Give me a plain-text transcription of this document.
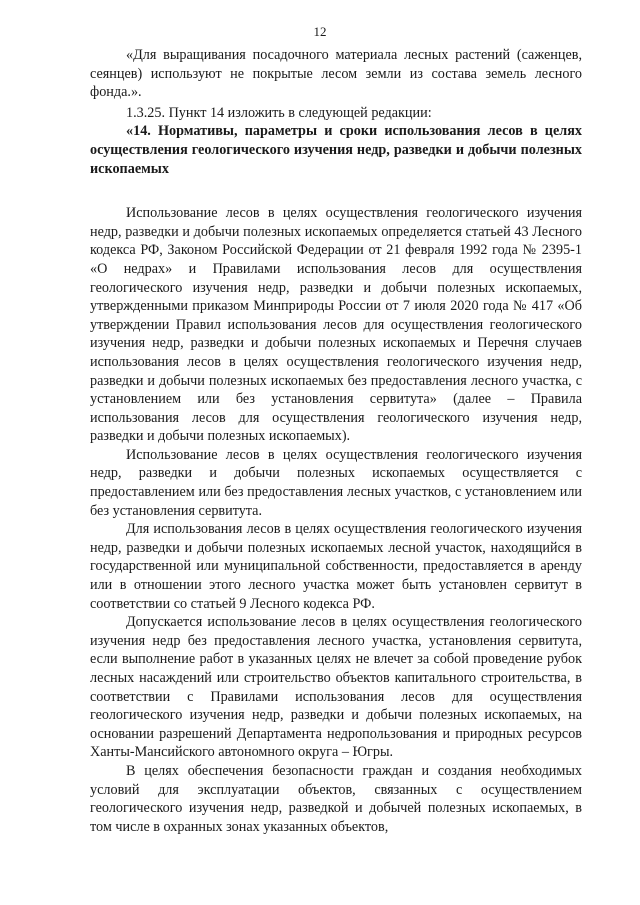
12

«Для выращивания посадочного материала лесных растений (саженцев, сеянцев) используют не покрытые лесом земли из состава земель лесного фонда.».

1.3.25. Пункт 14 изложить в следующей редакции:

«14. Нормативы, параметры и сроки использования лесов в целях осуществления геологического изучения недр, разведки и добычи полезных ископаемых

Использование лесов в целях осуществления геологического изучения недр, разведки и добычи полезных ископаемых определяется статьей 43 Лесного кодекса РФ, Законом Российской Федерации от 21 февраля 1992 года № 2395-1 «О недрах» и Правилами использования лесов для осуществления геологического изучения недр, разведки и добычи полезных ископаемых, утвержденными приказом Минприроды России от 7 июля 2020 года № 417 «Об утверждении Правил использования лесов для осуществления геологического изучения недр, разведки и добычи полезных ископаемых и Перечня случаев использования лесов в целях осуществления геологического изучения недр, разведки и добычи полезных ископаемых без предоставления лесного участка, с установлением или без установления сервитута» (далее – Правила использования лесов для осуществления геологического изучения недр, разведки и добычи полезных ископаемых).

Использование лесов в целях осуществления геологического изучения недр, разведки и добычи полезных ископаемых осуществляется с предоставлением или без предоставления лесных участков, с установлением или без установления сервитута.

Для использования лесов в целях осуществления геологического изучения недр, разведки и добычи полезных ископаемых лесной участок, находящийся в государственной или муниципальной собственности, предоставляется в аренду или в отношении этого лесного участка может быть установлен сервитут в соответствии со статьей 9 Лесного кодекса РФ.

Допускается использование лесов в целях осуществления геологического изучения недр без предоставления лесного участка, установления сервитута, если выполнение работ в указанных целях не влечет за собой проведение рубок лесных насаждений или строительство объектов капитального строительства, в соответствии с Правилами использования лесов для осуществления геологического изучения недр, разведки и добычи полезных ископаемых, на основании разрешений Департамента недропользования и природных ресурсов Ханты-Мансийского автономного округа – Югры.

В целях обеспечения безопасности граждан и создания необходимых условий для эксплуатации объектов, связанных с осуществлением геологического изучения недр, разведкой и добычей полезных ископаемых, в том числе в охранных зонах указанных объектов,
